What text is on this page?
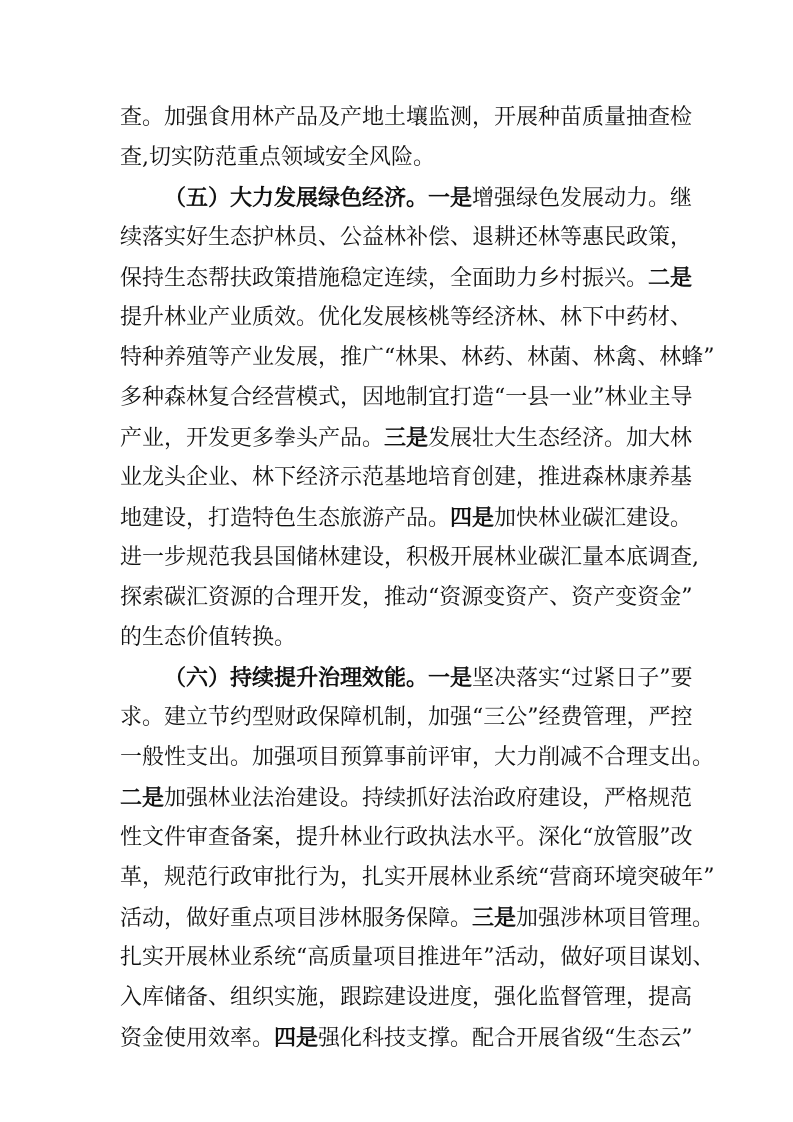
查。加强食用林产品及产地土壤监测，开展种苗质量抽查检
查,切实防范重点领域安全风险。
（五）大力发展绿色经济。一是增强绿色发展动力。继
续落实好生态护林员、公益林补偿、退耕还林等惠民政策，
保持生态帮扶政策措施稳定连续，全面助力乡村振兴。二是
提升林业产业质效。优化发展核桃等经济林、林下中药材、
特种养殖等产业发展，推广“林果、林药、林菌、林禽、林蜂”
多种森林复合经营模式，因地制宜打造“一县一业”林业主导
产业，开发更多拳头产品。三是发展壮大生态经济。加大林
业龙头企业、林下经济示范基地培育创建，推进森林康养基
地建设，打造特色生态旅游产品。四是加快林业碳汇建设。
进一步规范我县国储林建设，积极开展林业碳汇量本底调查,
探索碳汇资源的合理开发，推动“资源变资产、资产变资金”
的生态价值转换。
（六）持续提升治理效能。一是坚决落实“过紧日子”要
求。建立节约型财政保障机制，加强“三公”经费管理，严控
一般性支出。加强项目预算事前评审，大力削减不合理支出。
二是加强林业法治建设。持续抓好法治政府建设，严格规范
性文件审查备案，提升林业行政执法水平。深化“放管服”改
革，规范行政审批行为，扎实开展林业系统“营商环境突破年”
活动，做好重点项目涉林服务保障。三是加强涉林项目管理。
扎实开展林业系统“高质量项目推进年”活动，做好项目谋划、
入库储备、组织实施，跟踪建设进度，强化监督管理，提高
资金使用效率。四是强化科技支撑。配合开展省级“生态云”
